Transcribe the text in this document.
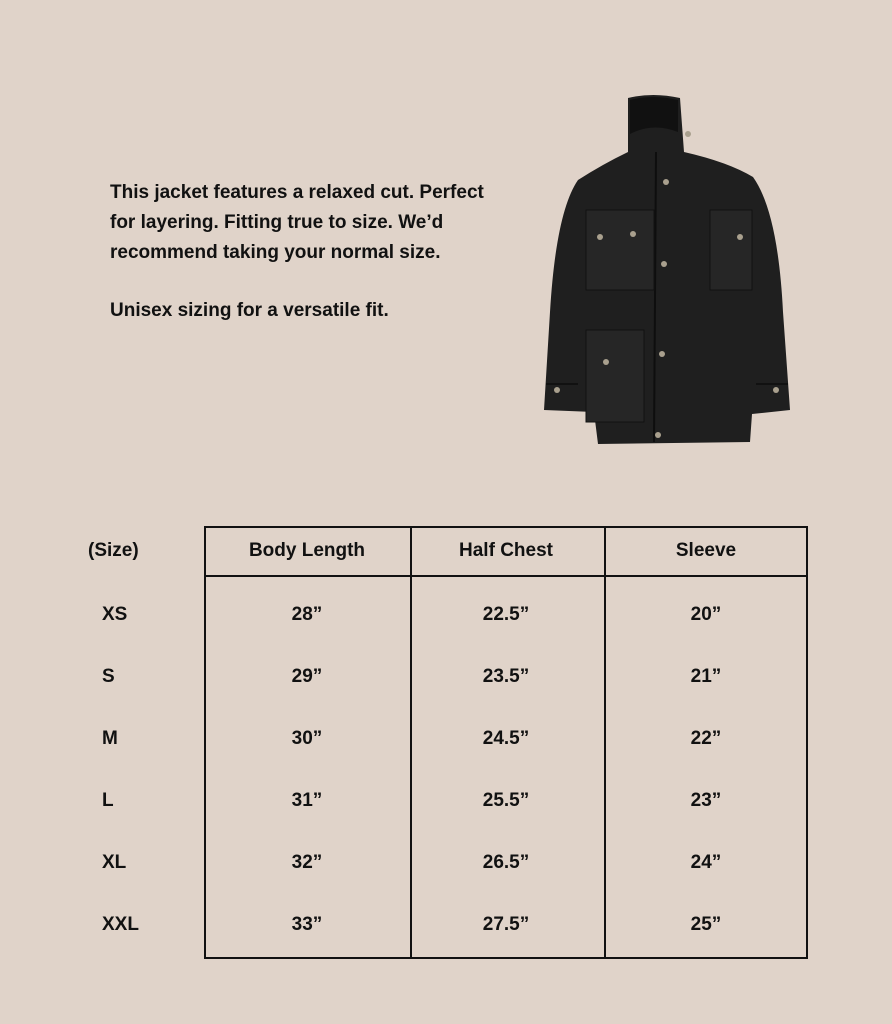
This jacket features a relaxed cut. Perfect for layering. Fitting true to size. We’d recommend taking your normal size.

Unisex sizing for a versatile fit.

(Size)	Body Length	Half Chest	Sleeve
XS	28”	22.5”	20”
S	29”	23.5”	21”
M	30”	24.5”	22”
L	31”	25.5”	23”
XL	32”	26.5”	24”
XXL	33”	27.5”	25”
